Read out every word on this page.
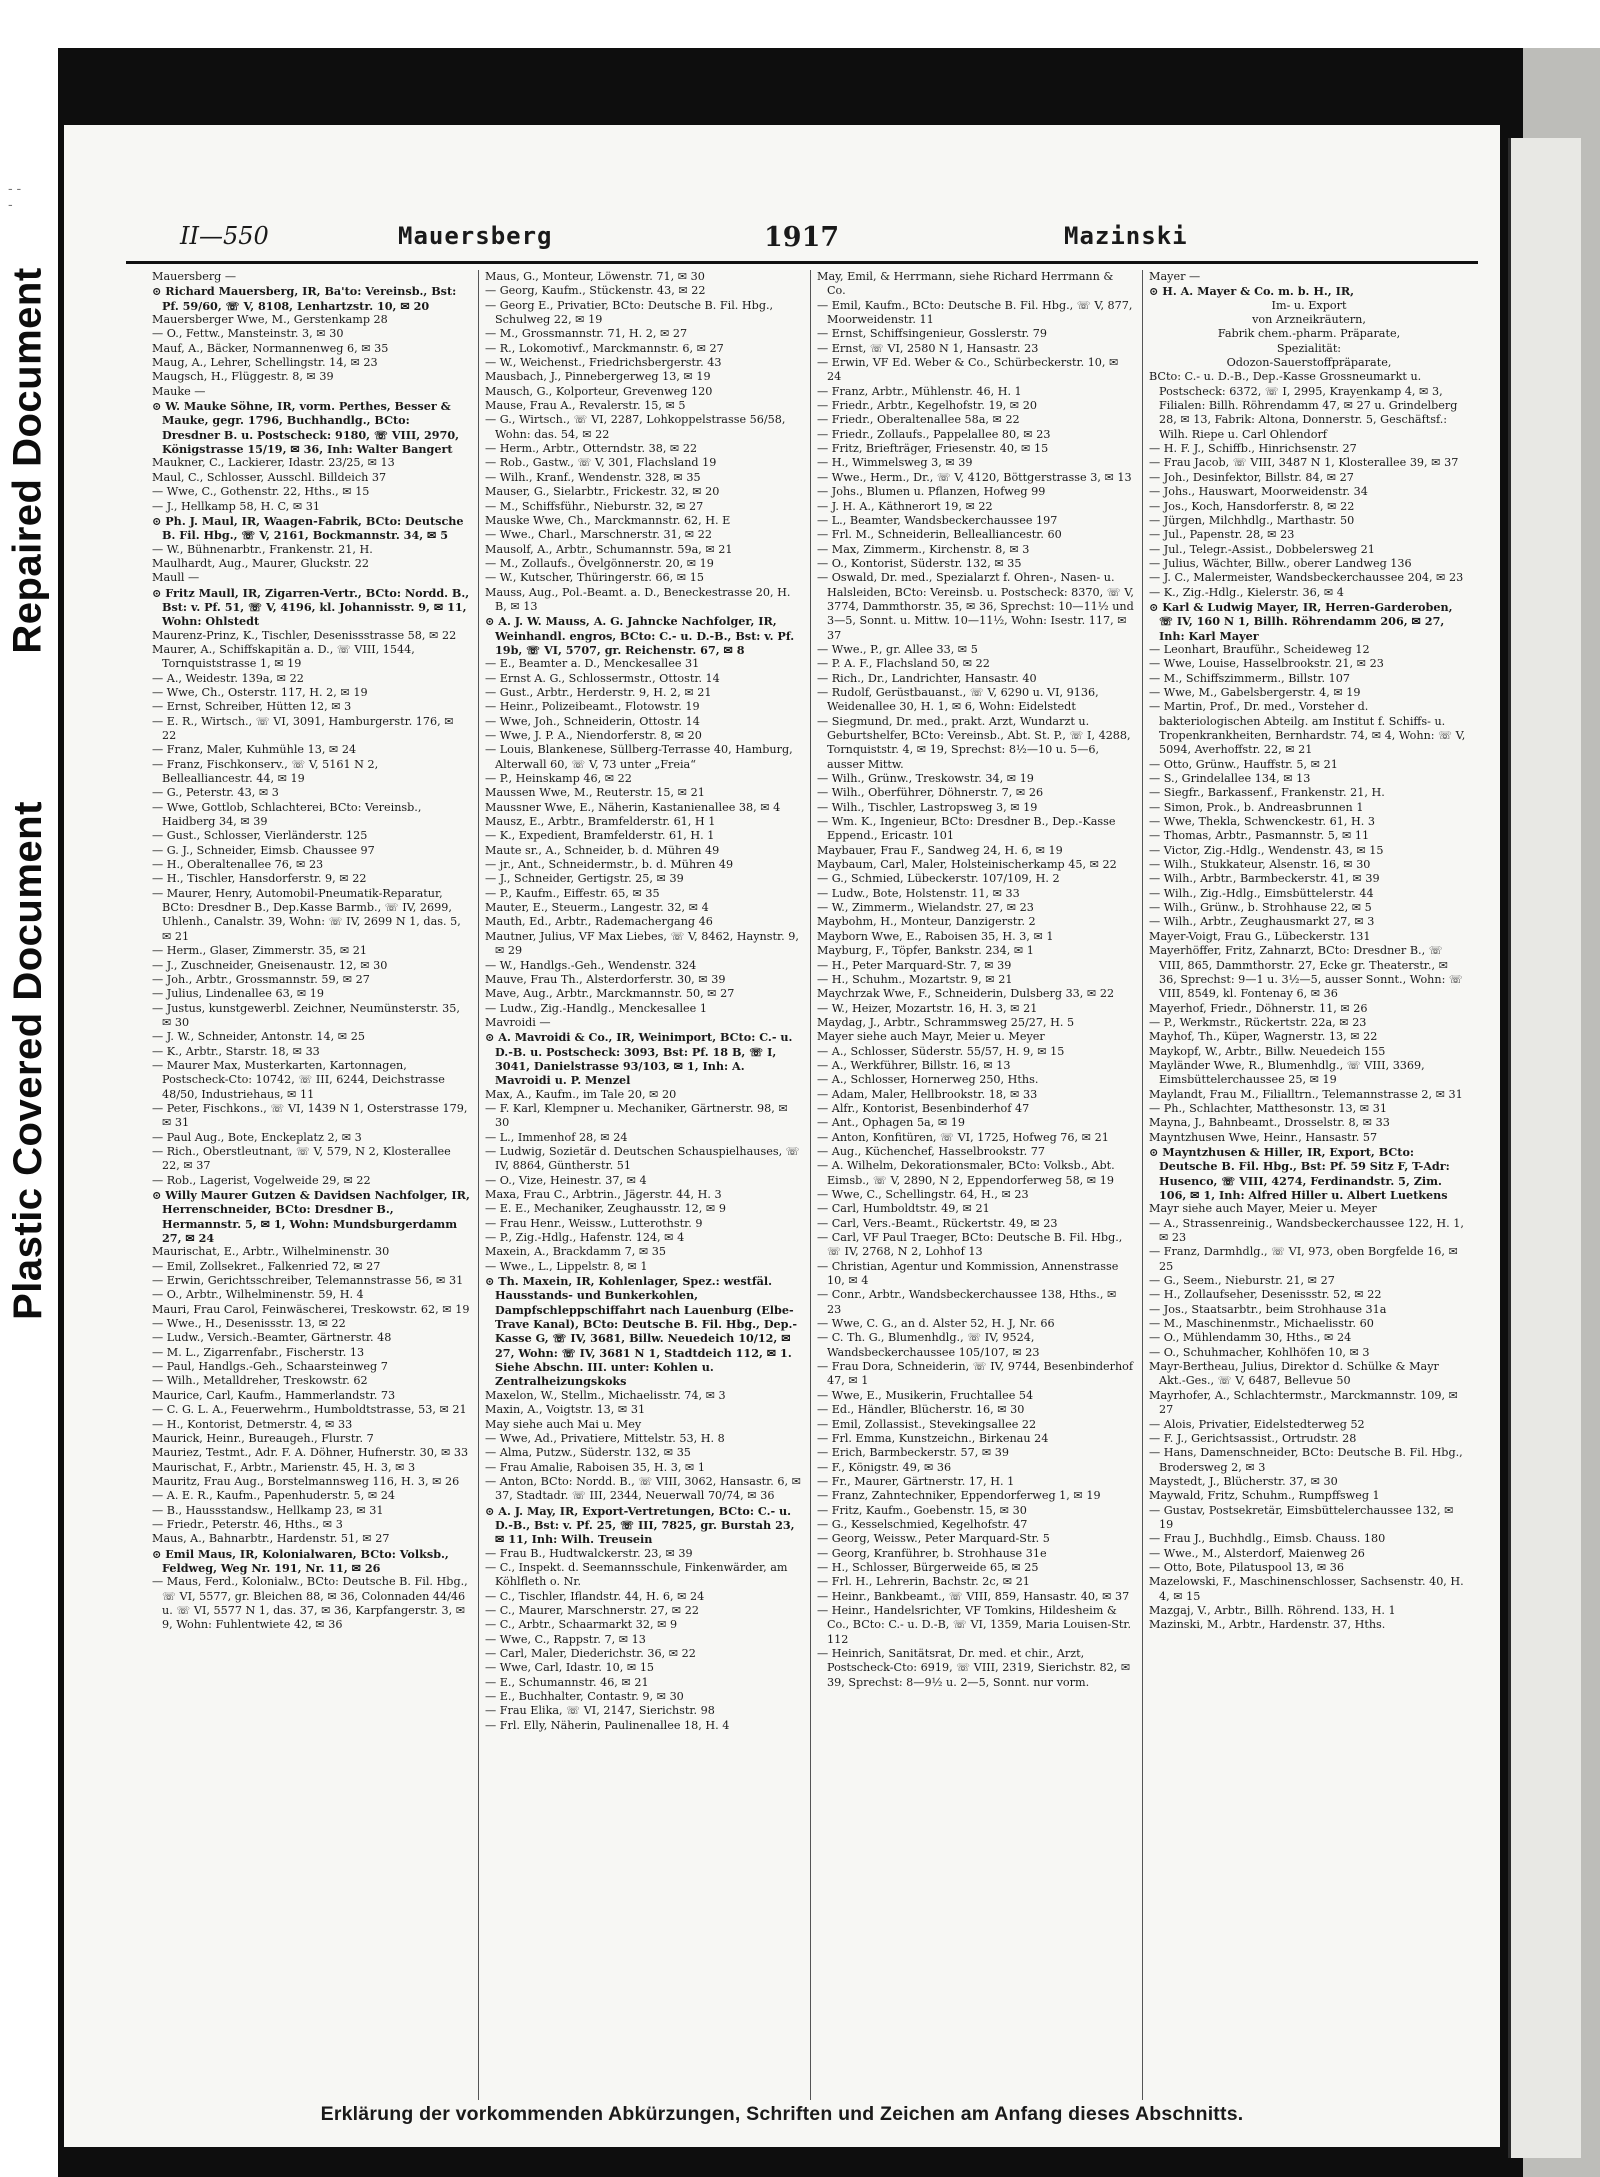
- - -
Repaired Document
Plastic Covered Document
II—550	Mauersberg	1917	Mazinski

Mauersberg —

⊙ Richard Mauersberg, IR, Ba'to: Vereinsb., Bst: Pf. 59/60, ☏ V, 8108, Lenhartzstr. 10, ✉ 20

Mauersberger Wwe, M., Gerstenkamp 28

— O., Fettw., Mansteinstr. 3, ✉ 30

Mauf, A., Bäcker, Normannenweg 6, ✉ 35

Maug, A., Lehrer, Schellingstr. 14, ✉ 23

Maugsch, H., Flüggestr. 8, ✉ 39

Mauke —

⊙ W. Mauke Söhne, IR, vorm. Perthes, Besser & Mauke, gegr. 1796, Buchhandlg., BCto: Dresdner B. u. Postscheck: 9180, ☏ VIII, 2970, Königstrasse 15/19, ✉ 36, Inh: Walter Bangert

Maukner, C., Lackierer, Idastr. 23/25, ✉ 13

Maul, C., Schlosser, Ausschl. Billdeich 37

— Wwe, C., Gothenstr. 22, Hths., ✉ 15

— J., Hellkamp 58, H. C, ✉ 31

⊙ Ph. J. Maul, IR, Waagen-Fabrik, BCto: Deutsche B. Fil. Hbg., ☏ V, 2161, Bockmannstr. 34, ✉ 5

— W., Bühnenarbtr., Frankenstr. 21, H.

Maulhardt, Aug., Maurer, Gluckstr. 22

Maull —

⊙ Fritz Maull, IR, Zigarren-Vertr., BCto: Nordd. B., Bst: v. Pf. 51, ☏ V, 4196, kl. Johannisstr. 9, ✉ 11, Wohn: Ohlstedt

Maurenz-Prinz, K., Tischler, Desenissstrasse 58, ✉ 22

Maurer, A., Schiffskapitän a. D., ☏ VIII, 1544, Tornquiststrasse 1, ✉ 19

— A., Weidestr. 139a, ✉ 22

— Wwe, Ch., Osterstr. 117, H. 2, ✉ 19

— Ernst, Schreiber, Hütten 12, ✉ 3

— E. R., Wirtsch., ☏ VI, 3091, Hamburgerstr. 176, ✉ 22

— Franz, Maler, Kuhmühle 13, ✉ 24

— Franz, Fischkonserv., ☏ V, 5161 N 2, Bellealliancestr. 44, ✉ 19

— G., Peterstr. 43, ✉ 3

— Wwe, Gottlob, Schlachterei, BCto: Vereinsb., Haidberg 34, ✉ 39

— Gust., Schlosser, Vierländerstr. 125

— G. J., Schneider, Eimsb. Chaussee 97

— H., Oberaltenallee 76, ✉ 23

— H., Tischler, Hansdorferstr. 9, ✉ 22

— Maurer, Henry, Automobil-Pneumatik-Reparatur, BCto: Dresdner B., Dep.Kasse Barmb., ☏ IV, 2699, Uhlenh., Canalstr. 39, Wohn: ☏ IV, 2699 N 1, das. 5, ✉ 21

— Herm., Glaser, Zimmerstr. 35, ✉ 21

— J., Zuschneider, Gneisenaustr. 12, ✉ 30

— Joh., Arbtr., Grossmannstr. 59, ✉ 27

— Julius, Lindenallee 63, ✉ 19

— Justus, kunstgewerbl. Zeichner, Neumünsterstr. 35, ✉ 30

— J. W., Schneider, Antonstr. 14, ✉ 25

— K., Arbtr., Starstr. 18, ✉ 33

— Maurer Max, Musterkarten, Kartonnagen, Postscheck-Cto: 10742, ☏ III, 6244, Deichstrasse 48/50, Industriehaus, ✉ 11

— Peter, Fischkons., ☏ VI, 1439 N 1, Osterstrasse 179, ✉ 31

— Paul Aug., Bote, Enckeplatz 2, ✉ 3

— Rich., Oberstleutnant, ☏ V, 579, N 2, Klosterallee 22, ✉ 37

— Rob., Lagerist, Vogelweide 29, ✉ 22

⊙ Willy Maurer Gutzen & Davidsen Nachfolger, IR, Herrenschneider, BCto: Dresdner B., Hermannstr. 5, ✉ 1, Wohn: Mundsburgerdamm 27, ✉ 24

Maurischat, E., Arbtr., Wilhelminenstr. 30

— Emil, Zollsekret., Falkenried 72, ✉ 27

— Erwin, Gerichtsschreiber, Telemannstrasse 56, ✉ 31

— O., Arbtr., Wilhelminenstr. 59, H. 4

Mauri, Frau Carol, Feinwäscherei, Treskowstr. 62, ✉ 19

— Wwe., H., Desenissstr. 13, ✉ 22

— Ludw., Versich.-Beamter, Gärtnerstr. 48

— M. L., Zigarrenfabr., Fischerstr. 13

— Paul, Handlgs.-Geh., Schaarsteinweg 7

— Wilh., Metalldreher, Treskowstr. 62

Maurice, Carl, Kaufm., Hammerlandstr. 73

— C. G. L. A., Feuerwehrm., Humboldtstrasse, 53, ✉ 21

— H., Kontorist, Detmerstr. 4, ✉ 33

Maurick, Heinr., Bureaugeh., Flurstr. 7

Mauriez, Testmt., Adr. F. A. Döhner, Hufnerstr. 30, ✉ 33

Maurischat, F., Arbtr., Marienstr. 45, H. 3, ✉ 3

Mauritz, Frau Aug., Borstelmannsweg 116, H. 3, ✉ 26

— A. E. R., Kaufm., Papenhuderstr. 5, ✉ 24

— B., Haussstandsw., Hellkamp 23, ✉ 31

— Friedr., Peterstr. 46, Hths., ✉ 3

Maus, A., Bahnarbtr., Hardenstr. 51, ✉ 27

⊙ Emil Maus, IR, Kolonialwaren, BCto: Volksb., Feldweg, Weg Nr. 191, Nr. 11, ✉ 26

— Maus, Ferd., Kolonialw., BCto: Deutsche B. Fil. Hbg., ☏ VI, 5577, gr. Bleichen 88, ✉ 36, Colonnaden 44/46 u. ☏ VI, 5577 N 1, das. 37, ✉ 36, Karpfangerstr. 3, ✉ 9, Wohn: Fuhlentwiete 42, ✉ 36

Maus, G., Monteur, Löwenstr. 71, ✉ 30

— Georg, Kaufm., Stückenstr. 43, ✉ 22

— Georg E., Privatier, BCto: Deutsche B. Fil. Hbg., Schulweg 22, ✉ 19

— M., Grossmannstr. 71, H. 2, ✉ 27

— R., Lokomotivf., Marckmannstr. 6, ✉ 27

— W., Weichenst., Friedrichsbergerstr. 43

Mausbach, J., Pinnebergerweg 13, ✉ 19

Mausch, G., Kolporteur, Grevenweg 120

Mause, Frau A., Revalerstr. 15, ✉ 5

— G., Wirtsch., ☏ VI, 2287, Lohkoppelstrasse 56/58, Wohn: das. 54, ✉ 22

— Herm., Arbtr., Otterndstr. 38, ✉ 22

— Rob., Gastw., ☏ V, 301, Flachsland 19

— Wilh., Kranf., Wendenstr. 328, ✉ 35

Mauser, G., Sielarbtr., Frickestr. 32, ✉ 20

— M., Schiffsführ., Nieburstr. 32, ✉ 27

Mauske Wwe, Ch., Marckmannstr. 62, H. E

— Wwe., Charl., Marschnerstr. 31, ✉ 22

Mausolf, A., Arbtr., Schumannstr. 59a, ✉ 21

— M., Zollaufs., Övelgönnerstr. 20, ✉ 19

— W., Kutscher, Thüringerstr. 66, ✉ 15

Mauss, Aug., Pol.-Beamt. a. D., Beneckestrasse 20, H. B, ✉ 13

⊙ A. J. W. Mauss, A. G. Jahncke Nachfolger, IR, Weinhandl. engros, BCto: C.- u. D.-B., Bst: v. Pf. 19b, ☏ VI, 5707, gr. Reichenstr. 67, ✉ 8

— E., Beamter a. D., Menckesallee 31

— Ernst A. G., Schlossermstr., Ottostr. 14

— Gust., Arbtr., Herderstr. 9, H. 2, ✉ 21

— Heinr., Polizeibeamt., Flotowstr. 19

— Wwe, Joh., Schneiderin, Ottostr. 14

— Wwe, J. P. A., Niendorferstr. 8, ✉ 20

— Louis, Blankenese, Süllberg-Terrasse 40, Hamburg, Alterwall 60, ☏ V, 73 unter „Freia“

— P., Heinskamp 46, ✉ 22

Maussen Wwe, M., Reuterstr. 15, ✉ 21

Maussner Wwe, E., Näherin, Kastanienallee 38, ✉ 4

Mausz, E., Arbtr., Bramfelderstr. 61, H 1

— K., Expedient, Bramfelderstr. 61, H. 1

Maute sr., A., Schneider, b. d. Mühren 49

— jr., Ant., Schneidermstr., b. d. Mühren 49

— J., Schneider, Gertigstr. 25, ✉ 39

— P., Kaufm., Eiffestr. 65, ✉ 35

Mauter, E., Steuerm., Langestr. 32, ✉ 4

Mauth, Ed., Arbtr., Rademachergang 46

Mautner, Julius, VF Max Liebes, ☏ V, 8462, Haynstr. 9, ✉ 29

— W., Handlgs.-Geh., Wendenstr. 324

Mauve, Frau Th., Alsterdorferstr. 30, ✉ 39

Mave, Aug., Arbtr., Marckmannstr. 50, ✉ 27

— Ludw., Zig.-Handlg., Menckesallee 1

Mavroidi —

⊙ A. Mavroidi & Co., IR, Weinimport, BCto: C.- u. D.-B. u. Postscheck: 3093, Bst: Pf. 18 B, ☏ I, 3041, Danielstrasse 93/103, ✉ 1, Inh: A. Mavroidi u. P. Menzel

Max, A., Kaufm., im Tale 20, ✉ 20

— F. Karl, Klempner u. Mechaniker, Gärtnerstr. 98, ✉ 30

— L., Immenhof 28, ✉ 24

— Ludwig, Sozietär d. Deutschen Schauspielhauses, ☏ IV, 8864, Güntherstr. 51

— O., Vize, Heinestr. 37, ✉ 4

Maxa, Frau C., Arbtrin., Jägerstr. 44, H. 3

— E. E., Mechaniker, Zeughausstr. 12, ✉ 9

— Frau Henr., Weissw., Lutterothstr. 9

— P., Zig.-Hdlg., Hafenstr. 124, ✉ 4

Maxein, A., Brackdamm 7, ✉ 35

— Wwe., L., Lippelstr. 8, ✉ 1

⊙ Th. Maxein, IR, Kohlenlager, Spez.: westfäl. Hausstands- und Bunkerkohlen, Dampfschleppschiffahrt nach Lauenburg (Elbe-Trave Kanal), BCto: Deutsche B. Fil. Hbg., Dep.-Kasse G, ☏ IV, 3681, Billw. Neuedeich 10/12, ✉ 27, Wohn: ☏ IV, 3681 N 1, Stadtdeich 112, ✉ 1. Siehe Abschn. III. unter: Kohlen u. Zentralheizungskoks

Maxelon, W., Stellm., Michaelisstr. 74, ✉ 3

Maxin, A., Voigtstr. 13, ✉ 31

May siehe auch Mai u. Mey

— Wwe, Ad., Privatiere, Mittelstr. 53, H. 8

— Alma, Putzw., Süderstr. 132, ✉ 35

— Frau Amalie, Raboisen 35, H. 3, ✉ 1

— Anton, BCto: Nordd. B., ☏ VIII, 3062, Hansastr. 6, ✉ 37, Stadtadr. ☏ III, 2344, Neuerwall 70/74, ✉ 36

⊙ A. J. May, IR, Export-Vertretungen, BCto: C.- u. D.-B., Bst: v. Pf. 25, ☏ III, 7825, gr. Burstah 23, ✉ 11, Inh: Wilh. Treusein

— Frau B., Hudtwalckerstr. 23, ✉ 39

— C., Inspekt. d. Seemannsschule, Finkenwärder, am Köhlfleth o. Nr.

— C., Tischler, Iflandstr. 44, H. 6, ✉ 24

— C., Maurer, Marschnerstr. 27, ✉ 22

— C., Arbtr., Schaarmarkt 32, ✉ 9

— Wwe, C., Rappstr. 7, ✉ 13

— Carl, Maler, Diederichstr. 36, ✉ 22

— Wwe, Carl, Idastr. 10, ✉ 15

— E., Schumannstr. 46, ✉ 21

— E., Buchhalter, Contastr. 9, ✉ 30

— Frau Elika, ☏ VI, 2147, Sierichstr. 98

— Frl. Elly, Näherin, Paulinenallee 18, H. 4

May, Emil, & Herrmann, siehe Richard Herrmann & Co.

— Emil, Kaufm., BCto: Deutsche B. Fil. Hbg., ☏ V, 877, Moorweidenstr. 11

— Ernst, Schiffsingenieur, Gosslerstr. 79

— Ernst, ☏ VI, 2580 N 1, Hansastr. 23

— Erwin, VF Ed. Weber & Co., Schürbeckerstr. 10, ✉ 24

— Franz, Arbtr., Mühlenstr. 46, H. 1

— Friedr., Arbtr., Kegelhofstr. 19, ✉ 20

— Friedr., Oberaltenallee 58a, ✉ 22

— Friedr., Zollaufs., Pappelallee 80, ✉ 23

— Fritz, Briefträger, Friesenstr. 40, ✉ 15

— H., Wimmelsweg 3, ✉ 39

— Wwe., Herm., Dr., ☏ V, 4120, Böttgerstrasse 3, ✉ 13

— Johs., Blumen u. Pflanzen, Hofweg 99

— J. H. A., Käthnerort 19, ✉ 22

— L., Beamter, Wandsbeckerchaussee 197

— Frl. M., Schneiderin, Bellealliancestr. 60

— Max, Zimmerm., Kirchenstr. 8, ✉ 3

— O., Kontorist, Süderstr. 132, ✉ 35

— Oswald, Dr. med., Spezialarzt f. Ohren-, Nasen- u. Halsleiden, BCto: Vereinsb. u. Postscheck: 8370, ☏ V, 3774, Dammthorstr. 35, ✉ 36, Sprechst: 10—11½ und 3—5, Sonnt. u. Mittw. 10—11½, Wohn: Isestr. 117, ✉ 37

— Wwe., P., gr. Allee 33, ✉ 5

— P. A. F., Flachsland 50, ✉ 22

— Rich., Dr., Landrichter, Hansastr. 40

— Rudolf, Gerüstbauanst., ☏ V, 6290 u. VI, 9136, Weidenallee 30, H. 1, ✉ 6, Wohn: Eidelstedt

— Siegmund, Dr. med., prakt. Arzt, Wundarzt u. Geburtshelfer, BCto: Vereinsb., Abt. St. P., ☏ I, 4288, Tornquiststr. 4, ✉ 19, Sprechst: 8½—10 u. 5—6, ausser Mittw.

— Wilh., Grünw., Treskowstr. 34, ✉ 19

— Wilh., Oberführer, Döhnerstr. 7, ✉ 26

— Wilh., Tischler, Lastropsweg 3, ✉ 19

— Wm. K., Ingenieur, BCto: Dresdner B., Dep.-Kasse Eppend., Ericastr. 101

Maybauer, Frau F., Sandweg 24, H. 6, ✉ 19

Maybaum, Carl, Maler, Holsteinischerkamp 45, ✉ 22

— G., Schmied, Lübeckerstr. 107/109, H. 2

— Ludw., Bote, Holstenstr. 11, ✉ 33

— W., Zimmerm., Wielandstr. 27, ✉ 23

Maybohm, H., Monteur, Danzigerstr. 2

Mayborn Wwe, E., Raboisen 35, H. 3, ✉ 1

Mayburg, F., Töpfer, Bankstr. 234, ✉ 1

— H., Peter Marquard-Str. 7, ✉ 39

— H., Schuhm., Mozartstr. 9, ✉ 21

Maychrzak Wwe, F., Schneiderin, Dulsberg 33, ✉ 22

— W., Heizer, Mozartstr. 16, H. 3, ✉ 21

Maydag, J., Arbtr., Schrammsweg 25/27, H. 5

Mayer siehe auch Mayr, Meier u. Meyer

— A., Schlosser, Süderstr. 55/57, H. 9, ✉ 15

— A., Werkführer, Billstr. 16, ✉ 13

— A., Schlosser, Hornerweg 250, Hths.

— Adam, Maler, Hellbrookstr. 18, ✉ 33

— Alfr., Kontorist, Besenbinderhof 47

— Ant., Ophagen 5a, ✉ 19

— Anton, Konfitüren, ☏ VI, 1725, Hofweg 76, ✉ 21

— Aug., Küchenchef, Hasselbrookstr. 77

— A. Wilhelm, Dekorationsmaler, BCto: Volksb., Abt. Eimsb., ☏ V, 2890, N 2, Eppendorferweg 58, ✉ 19

— Wwe, C., Schellingstr. 64, H., ✉ 23

— Carl, Humboldtstr. 49, ✉ 21

— Carl, Vers.-Beamt., Rückertstr. 49, ✉ 23

— Carl, VF Paul Traeger, BCto: Deutsche B. Fil. Hbg., ☏ IV, 2768, N 2, Lohhof 13

— Christian, Agentur und Kommission, Annenstrasse 10, ✉ 4

— Conr., Arbtr., Wandsbeckerchaussee 138, Hths., ✉ 23

— Wwe, C. G., an d. Alster 52, H. J, Nr. 66

— C. Th. G., Blumenhdlg., ☏ IV, 9524, Wandsbeckerchaussee 105/107, ✉ 23

— Frau Dora, Schneiderin, ☏ IV, 9744, Besenbinderhof 47, ✉ 1

— Wwe, E., Musikerin, Fruchtallee 54

— Ed., Händler, Blücherstr. 16, ✉ 30

— Emil, Zollassist., Stevekingsallee 22

— Frl. Emma, Kunstzeichn., Birkenau 24

— Erich, Barmbeckerstr. 57, ✉ 39

— F., Königstr. 49, ✉ 36

— Fr., Maurer, Gärtnerstr. 17, H. 1

— Franz, Zahntechniker, Eppendorferweg 1, ✉ 19

— Fritz, Kaufm., Goebenstr. 15, ✉ 30

— G., Kesselschmied, Kegelhofstr. 47

— Georg, Weissw., Peter Marquard-Str. 5

— Georg, Kranführer, b. Strohhause 31e

— H., Schlosser, Bürgerweide 65, ✉ 25

— Frl. H., Lehrerin, Bachstr. 2c, ✉ 21

— Heinr., Bankbeamt., ☏ VIII, 859, Hansastr. 40, ✉ 37

— Heinr., Handelsrichter, VF Tomkins, Hildesheim & Co., BCto: C.- u. D.-B, ☏ VI, 1359, Maria Louisen-Str. 112

— Heinrich, Sanitätsrat, Dr. med. et chir., Arzt, Postscheck-Cto: 6919, ☏ VIII, 2319, Sierichstr. 82, ✉ 39, Sprechst: 8—9½ u. 2—5, Sonnt. nur vorm.

Mayer —

⊙ H. A. Mayer & Co. m. b. H., IR,

Im- u. Export

von Arzneikräutern,

Fabrik chem.-pharm. Präparate,

Spezialität:

Odozon-Sauerstoffpräparate,

BCto: C.- u. D.-B., Dep.-Kasse Grossneumarkt u. Postscheck: 6372, ☏ I, 2995, Kraye̲nkamp 4, ✉ 3, Filialen: Billh. Röhrendamm 47, ✉ 27 u. Grindelberg 28, ✉ 13, Fabrik: Altona, Donnerstr. 5, Geschäftsf.: Wilh. Riepe u. Carl Ohlendorf

— H. F. J., Schiffb., Hinrichsenstr. 27

— Frau Jacob, ☏ VIII, 3487 N 1, Klosterallee 39, ✉ 37

— Joh., Desinfektor, Billstr. 84, ✉ 27

— Johs., Hauswart, Moorweidenstr. 34

— Jos., Koch, Hansdorferstr. 8, ✉ 22

— Jürgen, Milchhdlg., Marthastr. 50

— Jul., Papenstr. 28, ✉ 23

— Jul., Telegr.-Assist., Dobbelersweg 21

— Julius, Wächter, Billw., oberer Landweg 136

— J. C., Malermeister, Wandsbeckerchaussee 204, ✉ 23

— K., Zig.-Hdlg., Kielerstr. 36, ✉ 4

⊙ Karl & Ludwig Mayer, IR, Herren-Garderoben, ☏ IV, 160 N 1, Billh. Röhrendamm 206, ✉ 27, Inh: Karl Mayer

— Leonhart, Brauführ., Scheideweg 12

— Wwe, Louise, Hasselbrookstr. 21, ✉ 23

— M., Schiffszimmerm., Billstr. 107

— Wwe, M., Gabelsbergerstr. 4, ✉ 19

— Martin, Prof., Dr. med., Vorsteher d. bakteriologischen Abteilg. am Institut f. Schiffs- u. Tropenkrankheiten, Bernhardstr. 74, ✉ 4, Wohn: ☏ V, 5094, Averhoffstr. 22, ✉ 21

— Otto, Grünw., Hauffstr. 5, ✉ 21

— S., Grindelallee 134, ✉ 13

— Siegfr., Barkassenf., Frankenstr. 21, H.

— Simon, Prok., b. Andreasbrunnen 1

— Wwe, Thekla, Schwenckestr. 61, H. 3

— Thomas, Arbtr., Pasmannstr. 5, ✉ 11

— Victor, Zig.-Hdlg., Wendenstr. 43, ✉ 15

— Wilh., Stukkateur, Alsenstr. 16, ✉ 30

— Wilh., Arbtr., Barmbeckerstr. 41, ✉ 39

— Wilh., Zig.-Hdlg., Eimsbüttelerstr. 44

— Wilh., Grünw., b. Strohhause 22, ✉ 5

— Wilh., Arbtr., Zeughausmarkt 27, ✉ 3

Mayer-Voigt, Frau G., Lübeckerstr. 131

Mayerhöffer, Fritz, Zahnarzt, BCto: Dresdner B., ☏ VIII, 865, Dammthorstr. 27, Ecke gr. Theaterstr., ✉ 36, Sprechst: 9—1 u. 3½—5, ausser Sonnt., Wohn: ☏ VIII, 8549, kl. Fontenay 6, ✉ 36

Mayerhof, Friedr., Döhnerstr. 11, ✉ 26

— P., Werkmstr., Rückertstr. 22a, ✉ 23

Mayhof, Th., Küper, Wagnerstr. 13, ✉ 22

Maykopf, W., Arbtr., Billw. Neuedeich 155

Mayländer Wwe, R., Blumenhdlg., ☏ VIII, 3369, Eimsbüttelerchaussee 25, ✉ 19

Maylandt, Frau M., Filialltrn., Telemannstrasse 2, ✉ 31

— Ph., Schlachter, Matthesonstr. 13, ✉ 31

Mayna, J., Bahnbeamt., Drosselstr. 8, ✉ 33

Mayntzhusen Wwe, Heinr., Hansastr. 57

⊙ Mayntzhusen & Hiller, IR, Export, BCto: Deutsche B. Fil. Hbg., Bst: Pf. 59 Sitz F, T-Adr: Husenco, ☏ VIII, 4274, Ferdinandstr. 5, Zim. 106, ✉ 1, Inh: Alfred Hiller u. Albert Luetkens

Mayr siehe auch Mayer, Meier u. Meyer

— A., Strassenreinig., Wandsbeckerchaussee 122, H. 1, ✉ 23

— Franz, Darmhdlg., ☏ VI, 973, oben Borgfelde 16, ✉ 25

— G., Seem., Nieburstr. 21, ✉ 27

— H., Zollaufseher, Desenissstr. 52, ✉ 22

— Jos., Staatsarbtr., beim Strohhause 31a

— M., Maschinenmstr., Michaelisstr. 60

— O., Mühlendamm 30, Hths., ✉ 24

— O., Schuhmacher, Kohlhöfen 10, ✉ 3

Mayr-Bertheau, Julius, Direktor d. Schülke & Mayr Akt.-Ges., ☏ V, 6487, Bellevue 50

Mayrhofer, A., Schlachtermstr., Marckmannstr. 109, ✉ 27

— Alois, Privatier, Eidelstedterweg 52

— F. J., Gerichtsassist., Ortrudstr. 28

— Hans, Damenschneider, BCto: Deutsche B. Fil. Hbg., Brodersweg 2, ✉ 3

Maystedt, J., Blücherstr. 37, ✉ 30

Maywald, Fritz, Schuhm., Rumpffsweg 1

— Gustav, Postsekretär, Eimsbüttelerchaussee 132, ✉ 19

— Frau J., Buchhdlg., Eimsb. Chauss. 180

— Wwe., M., Alsterdorf, Maienweg 26

— Otto, Bote, Pilatuspool 13, ✉ 36

Mazelowski, F., Maschinenschlosser, Sachsenstr. 40, H. 4, ✉ 15

Mazgaj, V., Arbtr., Billh. Röhrend. 133, H. 1

Mazinski, M., Arbtr., Hardenstr. 37, Hths.

Erklärung der vorkommenden Abkürzungen, Schriften und Zeichen am Anfang dieses Abschnitts.
